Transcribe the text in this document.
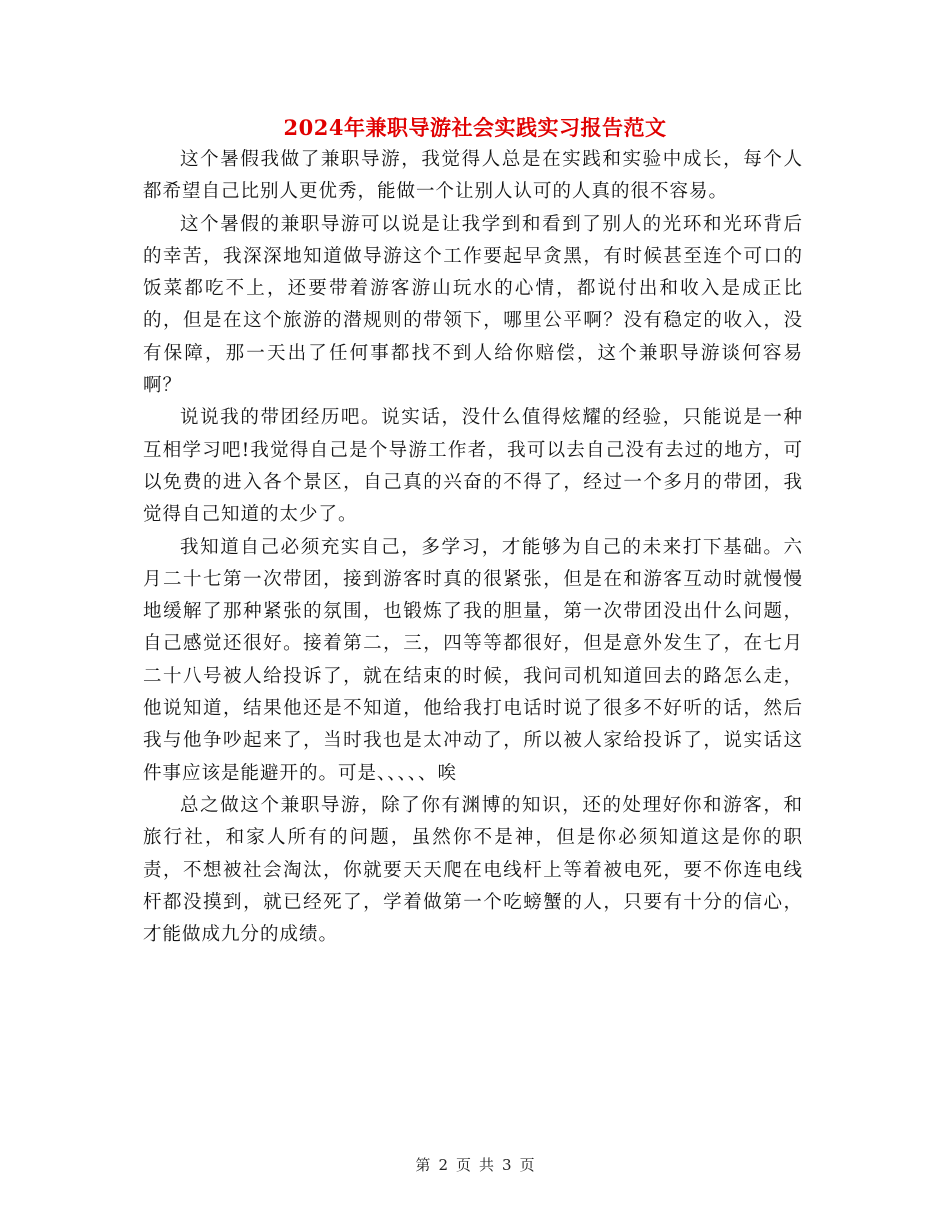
2024年兼职导游社会实践实习报告范文

这个暑假我做了兼职导游，我觉得人总是在实践和实验中成长，每个人都希望自己比别人更优秀，能做一个让别人认可的人真的很不容易。

这个暑假的兼职导游可以说是让我学到和看到了别人的光环和光环背后的幸苦，我深深地知道做导游这个工作要起早贪黑，有时候甚至连个可口的饭菜都吃不上，还要带着游客游山玩水的心情，都说付出和收入是成正比的，但是在这个旅游的潜规则的带领下，哪里公平啊？没有稳定的收入，没有保障，那一天出了任何事都找不到人给你赔偿，这个兼职导游谈何容易啊？

说说我的带团经历吧。说实话，没什么值得炫耀的经验，只能说是一种互相学习吧!我觉得自己是个导游工作者，我可以去自己没有去过的地方，可以免费的进入各个景区，自己真的兴奋的不得了，经过一个多月的带团，我觉得自己知道的太少了。

我知道自己必须充实自己，多学习，才能够为自己的未来打下基础。六月二十七第一次带团，接到游客时真的很紧张，但是在和游客互动时就慢慢地缓解了那种紧张的氛围，也锻炼了我的胆量，第一次带团没出什么问题，自己感觉还很好。接着第二，三，四等等都很好，但是意外发生了，在七月二十八号被人给投诉了，就在结束的时候，我问司机知道回去的路怎么走，他说知道，结果他还是不知道，他给我打电话时说了很多不好听的话，然后我与他争吵起来了，当时我也是太冲动了，所以被人家给投诉了，说实话这件事应该是能避开的。可是、、、、、唉

总之做这个兼职导游，除了你有渊博的知识，还的处理好你和游客，和旅行社，和家人所有的问题，虽然你不是神，但是你必须知道这是你的职责，不想被社会淘汰，你就要天天爬在电线杆上等着被电死，要不你连电线杆都没摸到，就已经死了，学着做第一个吃螃蟹的人，只要有十分的信心，才能做成九分的成绩。

第 2 页 共 3 页
